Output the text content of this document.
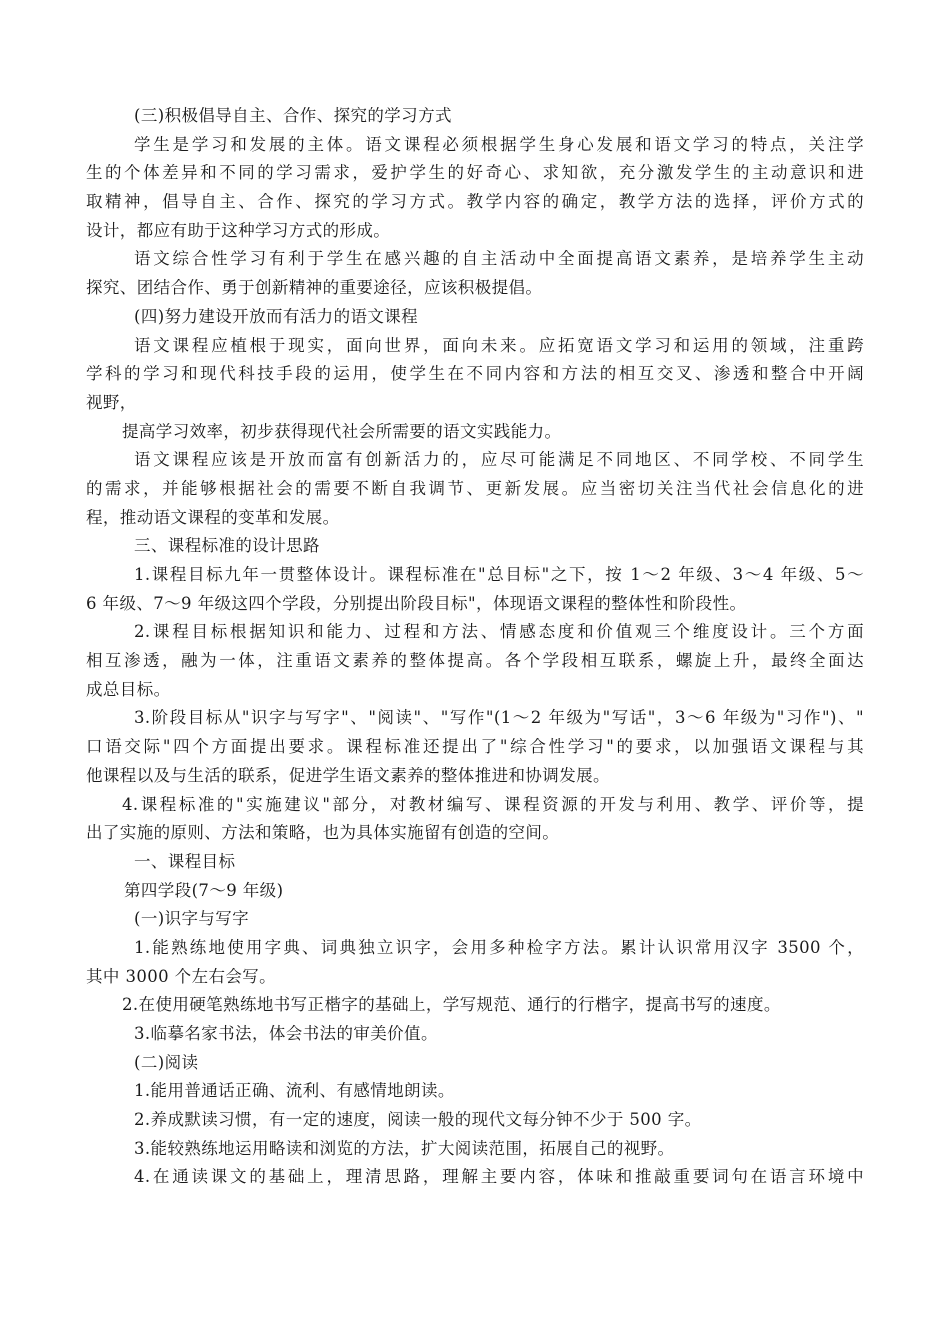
(三)积极倡导自主、合作、探究的学习方式
学生是学习和发展的主体。语文课程必须根据学生身心发展和语文学习的特点，关注学
生的个体差异和不同的学习需求，爱护学生的好奇心、求知欲，充分激发学生的主动意识和进
取精神，倡导自主、合作、探究的学习方式。教学内容的确定，教学方法的选择，评价方式的
设计，都应有助于这种学习方式的形成。
语文综合性学习有利于学生在感兴趣的自主活动中全面提高语文素养，是培养学生主动
探究、团结合作、勇于创新精神的重要途径，应该积极提倡。
(四)努力建设开放而有活力的语文课程
语文课程应植根于现实，面向世界，面向未来。应拓宽语文学习和运用的领域，注重跨
学科的学习和现代科技手段的运用，使学生在不同内容和方法的相互交叉、渗透和整合中开阔
视野，
提高学习效率，初步获得现代社会所需要的语文实践能力。
语文课程应该是开放而富有创新活力的，应尽可能满足不同地区、不同学校、不同学生
的需求，并能够根据社会的需要不断自我调节、更新发展。应当密切关注当代社会信息化的进
程，推动语文课程的变革和发展。
三、课程标准的设计思路
1.课程目标九年一贯整体设计。课程标准在"总目标"之下，按 1～2 年级、3～4 年级、5～
6 年级、7～9 年级这四个学段，分别提出阶段目标"，体现语文课程的整体性和阶段性。
2.课程目标根据知识和能力、过程和方法、情感态度和价值观三个维度设计。三个方面
相互渗透，融为一体，注重语文素养的整体提高。各个学段相互联系，螺旋上升，最终全面达
成总目标。
3.阶段目标从"识字与写字"、"阅读"、"写作"(1～2 年级为"写话"，3～6 年级为"习作")、"
口语交际"四个方面提出要求。课程标准还提出了"综合性学习"的要求，以加强语文课程与其
他课程以及与生活的联系，促进学生语文素养的整体推进和协调发展。
4.课程标准的"实施建议"部分，对教材编写、课程资源的开发与利用、教学、评价等，提
出了实施的原则、方法和策略，也为具体实施留有创造的空间。
一、课程目标
第四学段(7～9 年级)
(一)识字与写字
1.能熟练地使用字典、词典独立识字，会用多种检字方法。累计认识常用汉字 3500 个，
其中 3000 个左右会写。
2.在使用硬笔熟练地书写正楷字的基础上，学写规范、通行的行楷字，提高书写的速度。
3.临摹名家书法，体会书法的审美价值。
(二)阅读
1.能用普通话正确、流利、有感情地朗读。
2.养成默读习惯，有一定的速度，阅读一般的现代文每分钟不少于 500 字。
3.能较熟练地运用略读和浏览的方法，扩大阅读范围，拓展自己的视野。
4.在通读课文的基础上，理清思路，理解主要内容，体味和推敲重要词句在语言环境中
